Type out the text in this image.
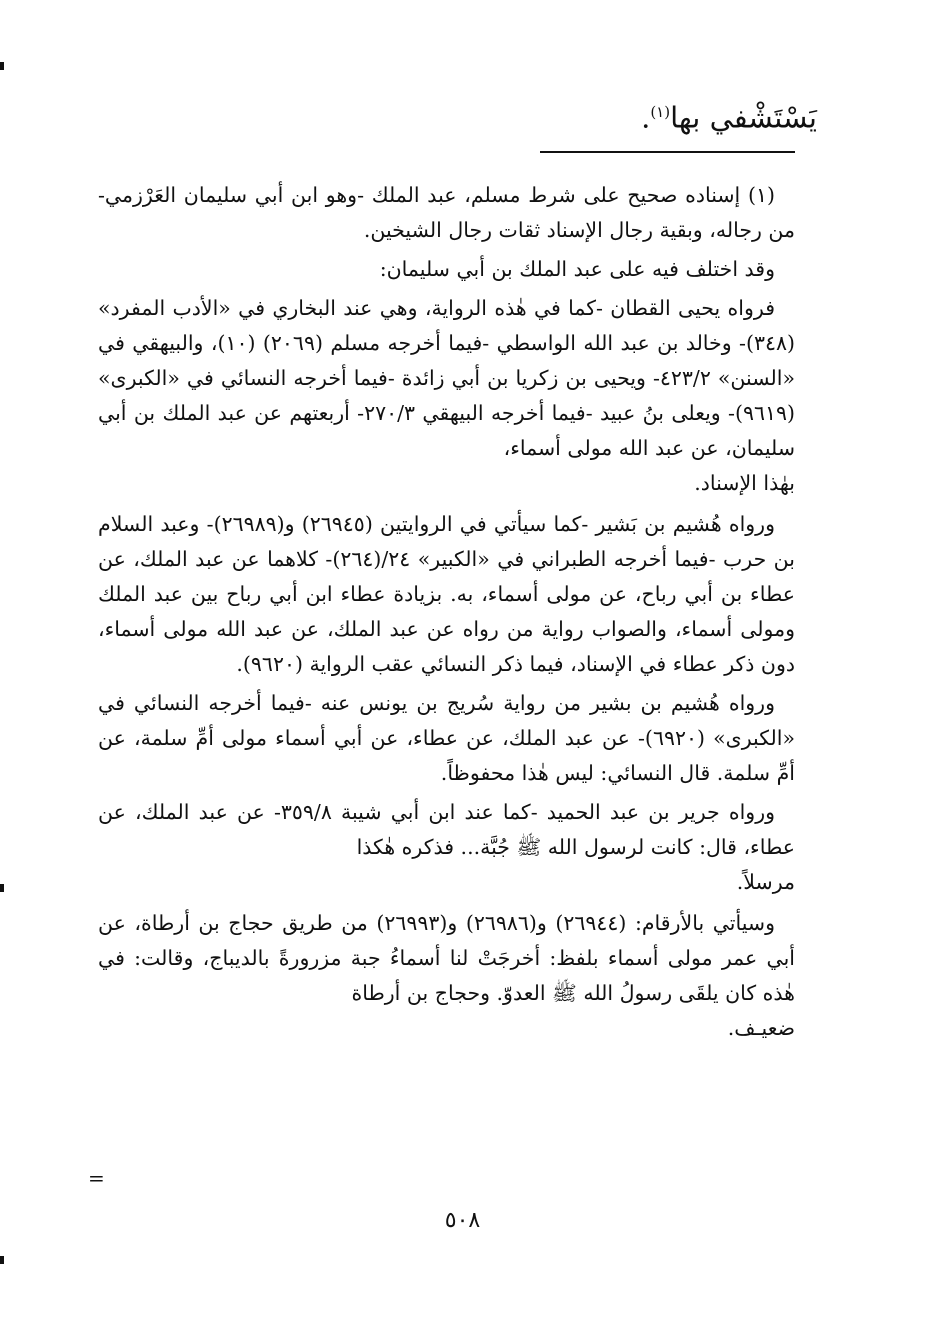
يَسْتَشْفي بها$^{(١)}$.

(١) إسناده صحيح على شرط مسلم، عبد الملك -وهو ابن أبي سليمان العَرْزمي- من رجاله، وبقية رجال الإسناد ثقات رجال الشيخين.

وقد اختلف فيه على عبد الملك بن أبي سليمان:

فرواه يحيى القطان -كما في هٰذه الرواية، وهي عند البخاري في «الأدب المفرد» (٣٤٨)- وخالد بن عبد الله الواسطي -فيما أخرجه مسلم (٢٠٦٩) (١٠)، والبيهقي في «السنن» ٤٢٣/٢- ويحيى بن زكريا بن أبي زائدة -فيما أخرجه النسائي في «الكبرى» (٩٦١٩)- ويعلى بنُ عبيد -فيما أخرجه البيهقي ٢٧٠/٣- أربعتهم عن عبد الملك بن أبي سليمان، عن عبد الله مولى أسماء،

بهٰذا الإسناد.

ورواه هُشيم بن بَشير -كما سيأتي في الروايتين (٢٦٩٤٥) و(٢٦٩٨٩)- وعبد السلام بن حرب -فيما أخرجه الطبراني في «الكبير» ٢٤/(٢٦٤)- كلاهما عن عبد الملك، عن عطاء بن أبي رباح، عن مولى أسماء، به. بزيادة عطاء ابن أبي رباح بين عبد الملك ومولى أسماء، والصواب رواية من رواه عن عبد الملك، عن عبد الله مولى أسماء، دون ذكر عطاء في الإسناد، فيما ذكر النسائي عقب الرواية (٩٦٢٠).

ورواه هُشيم بن بشير من رواية سُريج بن يونس عنه -فيما أخرجه النسائي في «الكبرى» (٦٩٢٠)- عن عبد الملك، عن عطاء، عن أبي أسماء مولى أمِّ سلمة، عن أمِّ سلمة. قال النسائي: ليس هٰذا محفوظاً.

ورواه جرير بن عبد الحميد -كما عند ابن أبي شيبة ٣٥٩/٨- عن عبد الملك، عن عطاء، قال: كانت لرسول الله ﷺ جُبَّة... فذكره هٰكذا

مرسلاً.

وسيأتي بالأرقام: (٢٦٩٤٤) و(٢٦٩٨٦) و(٢٦٩٩٣) من طريق حجاج بن أرطاة، عن أبي عمر مولى أسماء بلفظ: أخرجَتْ لنا أسماءُ جبة مزرورةً بالديباج، وقالت: في هٰذه كان يلقَى رسولُ الله ﷺ العدوّ. وحجاج بن أرطاة

ضعيـف.

=
٥٠٨
